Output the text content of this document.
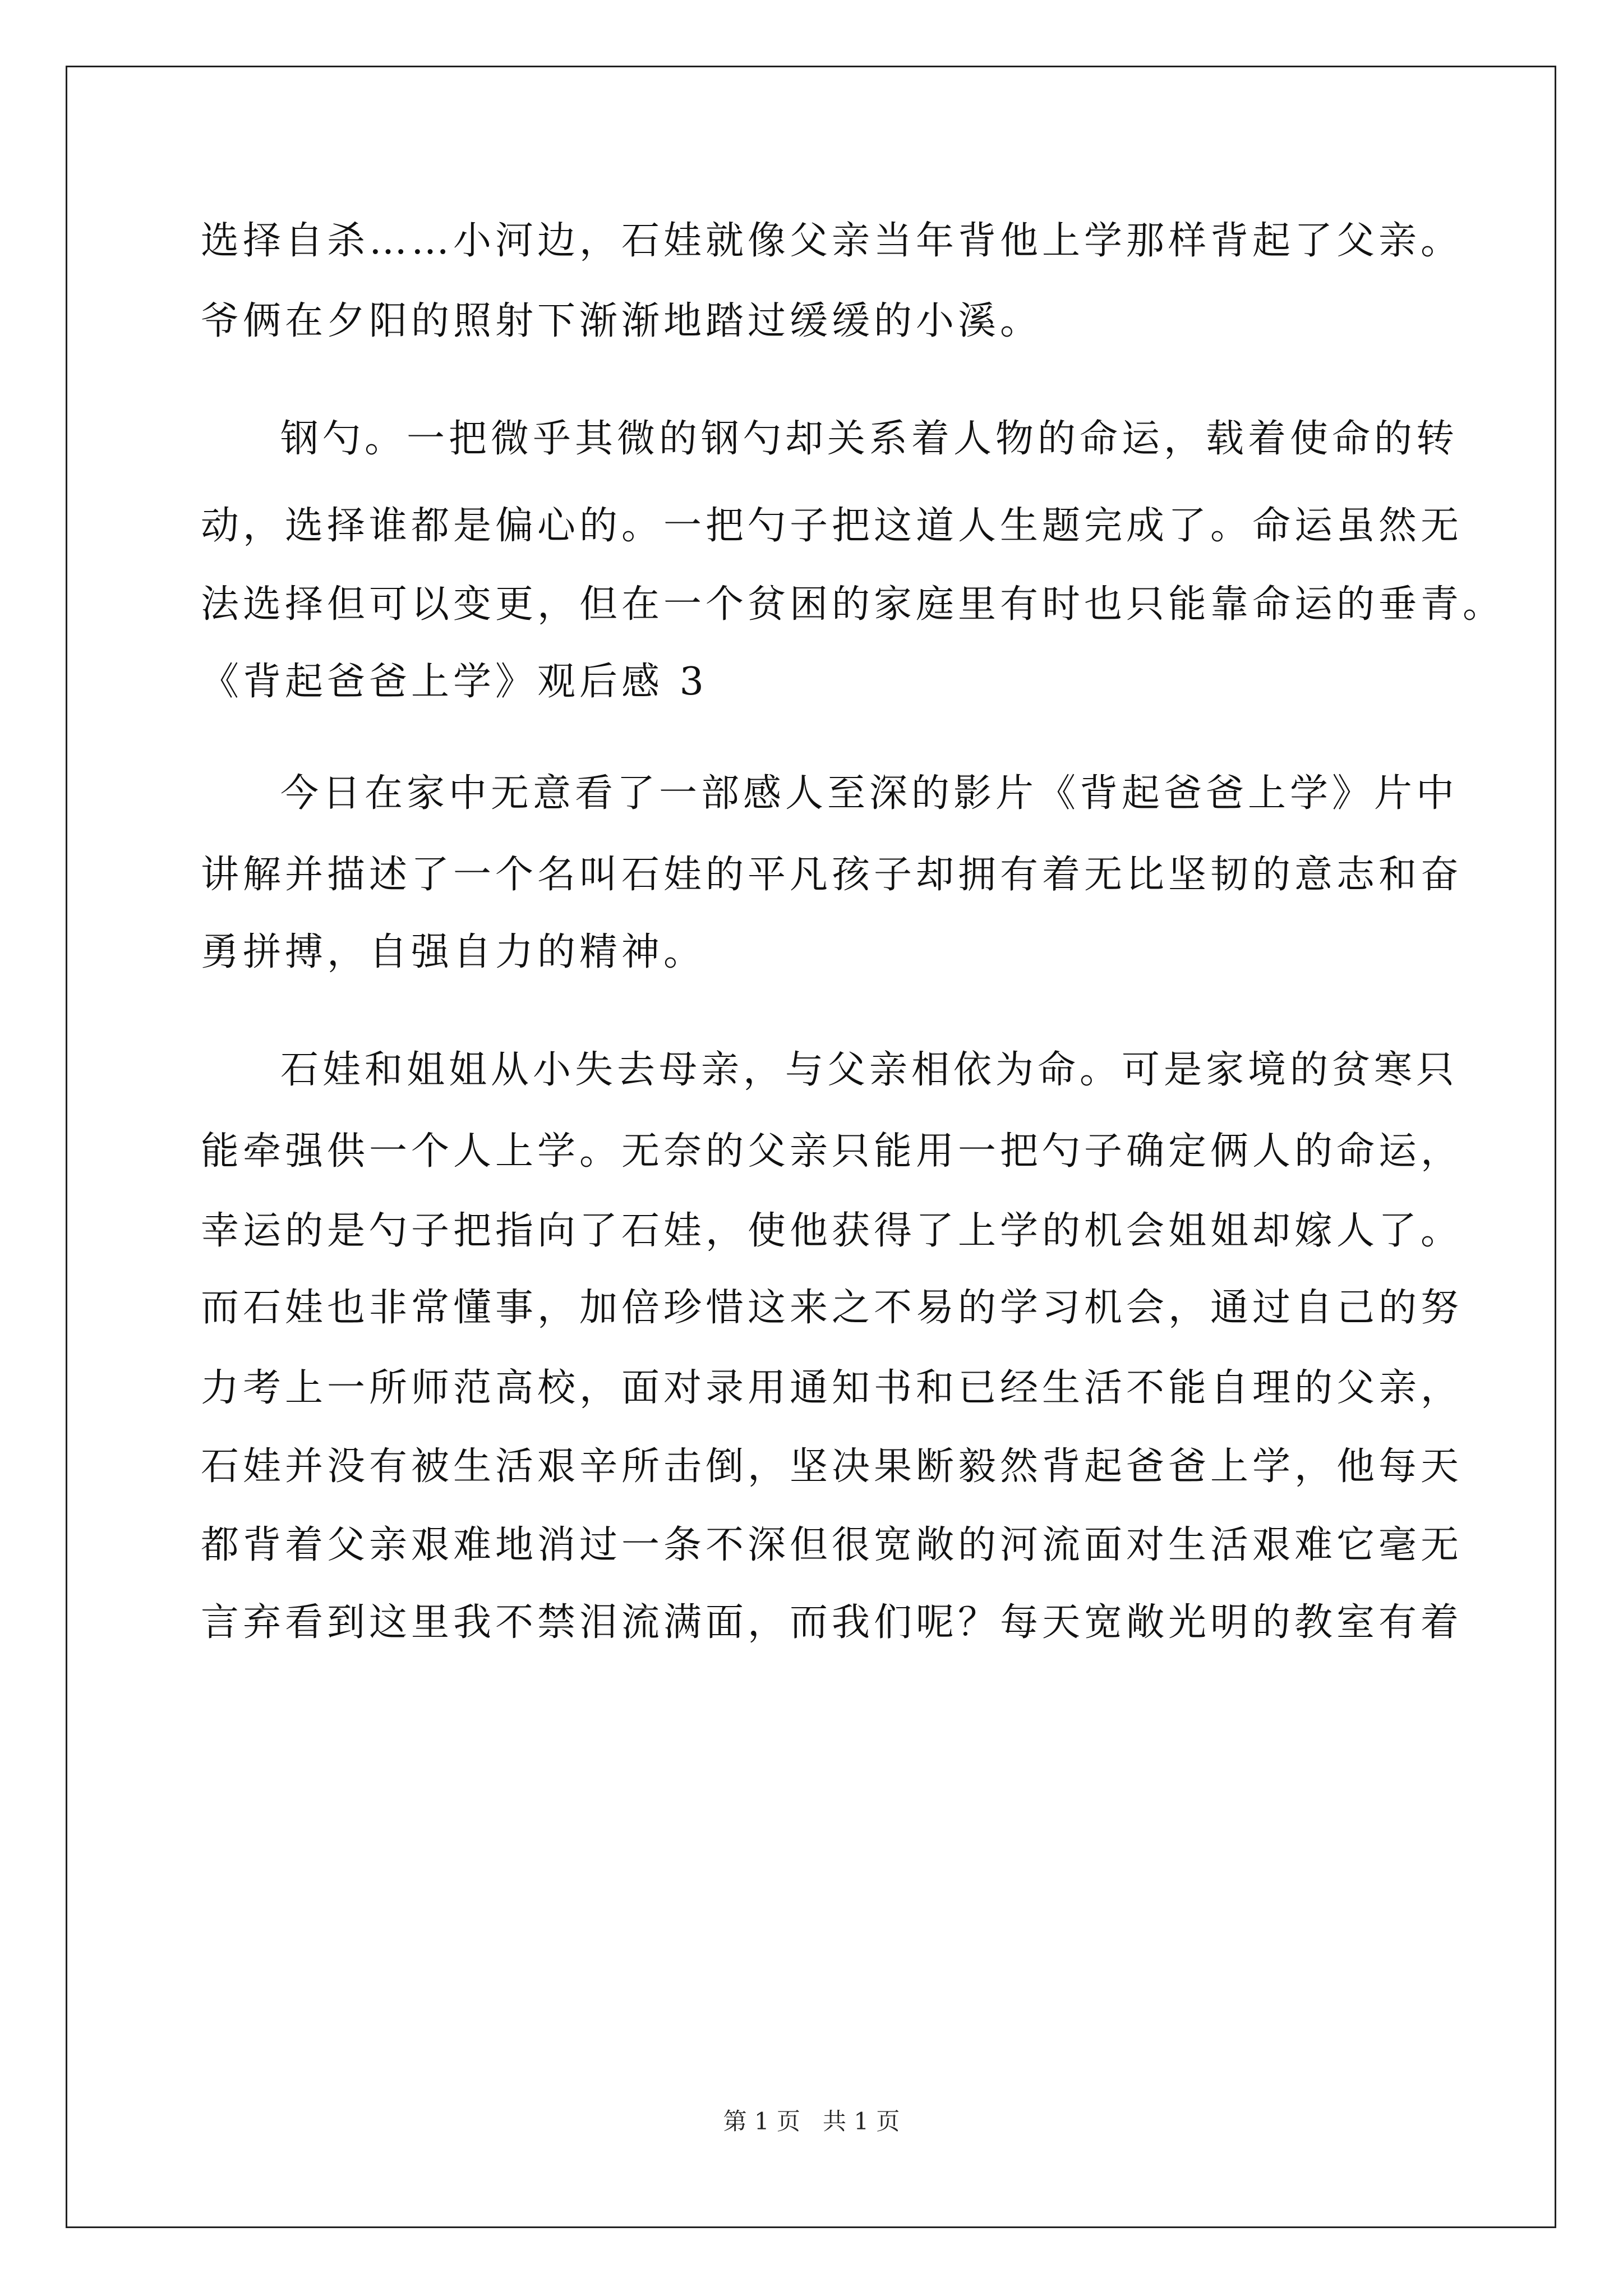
选择自杀……小河边，石娃就像父亲当年背他上学那样背起了父亲。
爷俩在夕阳的照射下渐渐地踏过缓缓的小溪。
钢勺。一把微乎其微的钢勺却关系着人物的命运，载着使命的转
动，选择谁都是偏心的。一把勺子把这道人生题完成了。命运虽然无
法选择但可以变更，但在一个贫困的家庭里有时也只能靠命运的垂青。
《背起爸爸上学》观后感 3
今日在家中无意看了一部感人至深的影片《背起爸爸上学》片中
讲解并描述了一个名叫石娃的平凡孩子却拥有着无比坚韧的意志和奋
勇拼搏，自强自力的精神。
石娃和姐姐从小失去母亲，与父亲相依为命。可是家境的贫寒只
能牵强供一个人上学。无奈的父亲只能用一把勺子确定俩人的命运，
幸运的是勺子把指向了石娃，使他获得了上学的机会姐姐却嫁人了。
而石娃也非常懂事，加倍珍惜这来之不易的学习机会，通过自己的努
力考上一所师范高校，面对录用通知书和已经生活不能自理的父亲，
石娃并没有被生活艰辛所击倒，坚决果断毅然背起爸爸上学，他每天
都背着父亲艰难地消过一条不深但很宽敞的河流面对生活艰难它毫无
言弃看到这里我不禁泪流满面，而我们呢？每天宽敞光明的教室有着
第 1 页 共 1 页
